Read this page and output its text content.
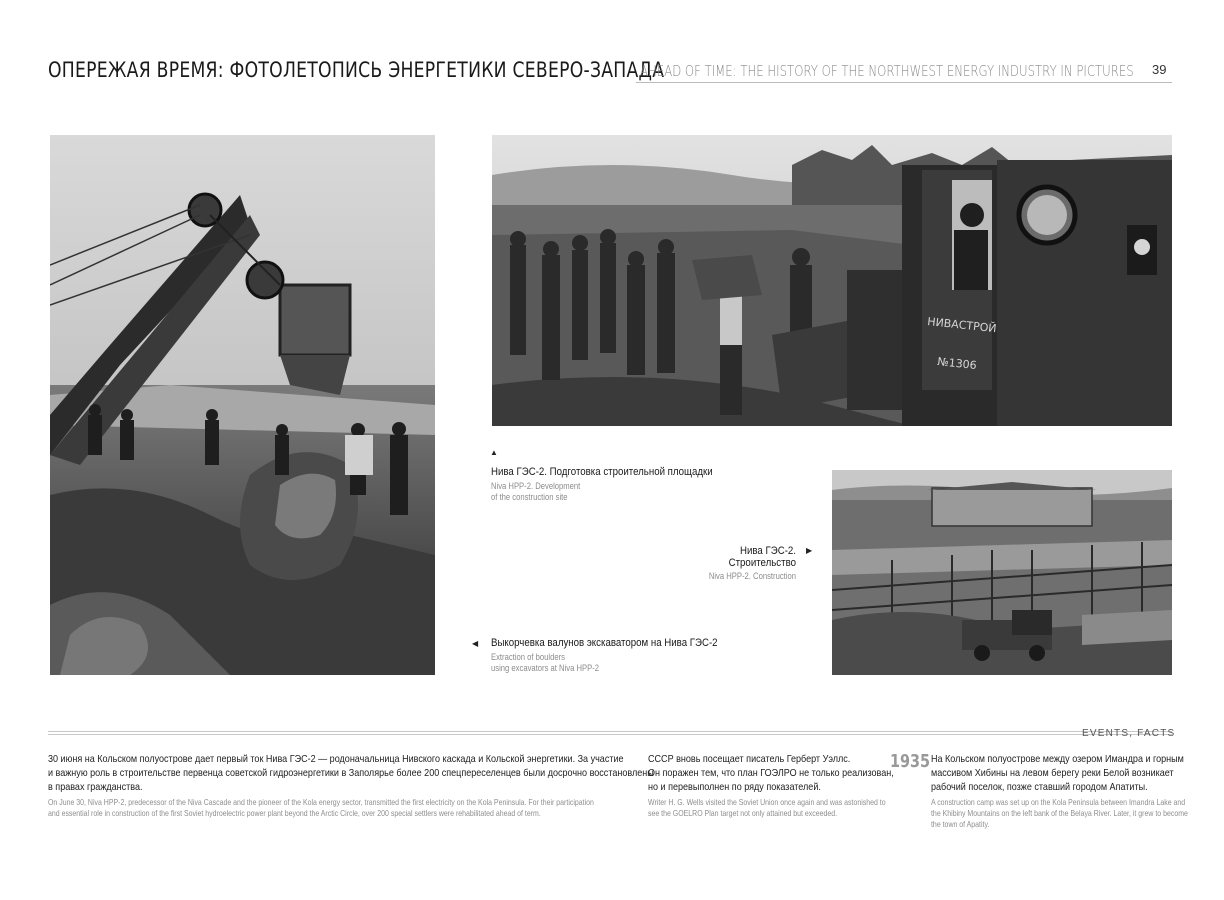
ОПЕРЕЖАЯ ВРЕМЯ: ФОТОЛЕТОПИСЬ ЭНЕРГЕТИКИ СЕВЕРО-ЗАПАДА
AHEAD OF TIME: THE HISTORY OF THE NORTHWEST ENERGY INDUSTRY IN PICTURES 39
НИВАСТРОЙ
№1306
▲
Нива ГЭС-2. Подготовка строительной площадки
Niva HPP-2. Development
of the construction site
▶
Нива ГЭС-2.
Строительство
Niva HPP-2. Construction
◀ Выкорчевка валунов экскаватором на Нива ГЭС-2
Extraction of boulders
using excavators at Niva HPP-2
EVENTS, FACTS
30 июня на Кольском полуострове дает первый ток Нива ГЭС-2 — родоначальница Нивского каскада и Кольской энергетики. За участие
и важную роль в строительстве первенца советской гидроэнергетики в Заполярье более 200 спецпереселенцев были досрочно восстановлены
в правах гражданства.
On June 30, Niva HPP-2, predecessor of the Niva Cascade and the pioneer of the Kola energy sector, transmitted the first electricity on the Kola Peninsula. For their participation
and essential role in construction of the first Soviet hydroelectric power plant beyond the Arctic Circle, over 200 special settlers were rehabilitated ahead of term.
СССР вновь посещает писатель Герберт Уэллс.
Он поражен тем, что план ГОЭЛРО не только реализован,
но и перевыполнен по ряду показателей.
Writer H. G. Wells visited the Soviet Union once again and was astonished to
see the GOELRO Plan target not only attained but exceeded.
1935 На Кольском полуострове между озером Имандра и горным
массивом Хибины на левом берегу реки Белой возникает
рабочий поселок, позже ставший городом Апатиты.
A construction camp was set up on the Kola Peninsula between Imandra Lake and
the Khibiny Mountains on the left bank of the Belaya River. Later, it grew to become
the town of Apatity.
